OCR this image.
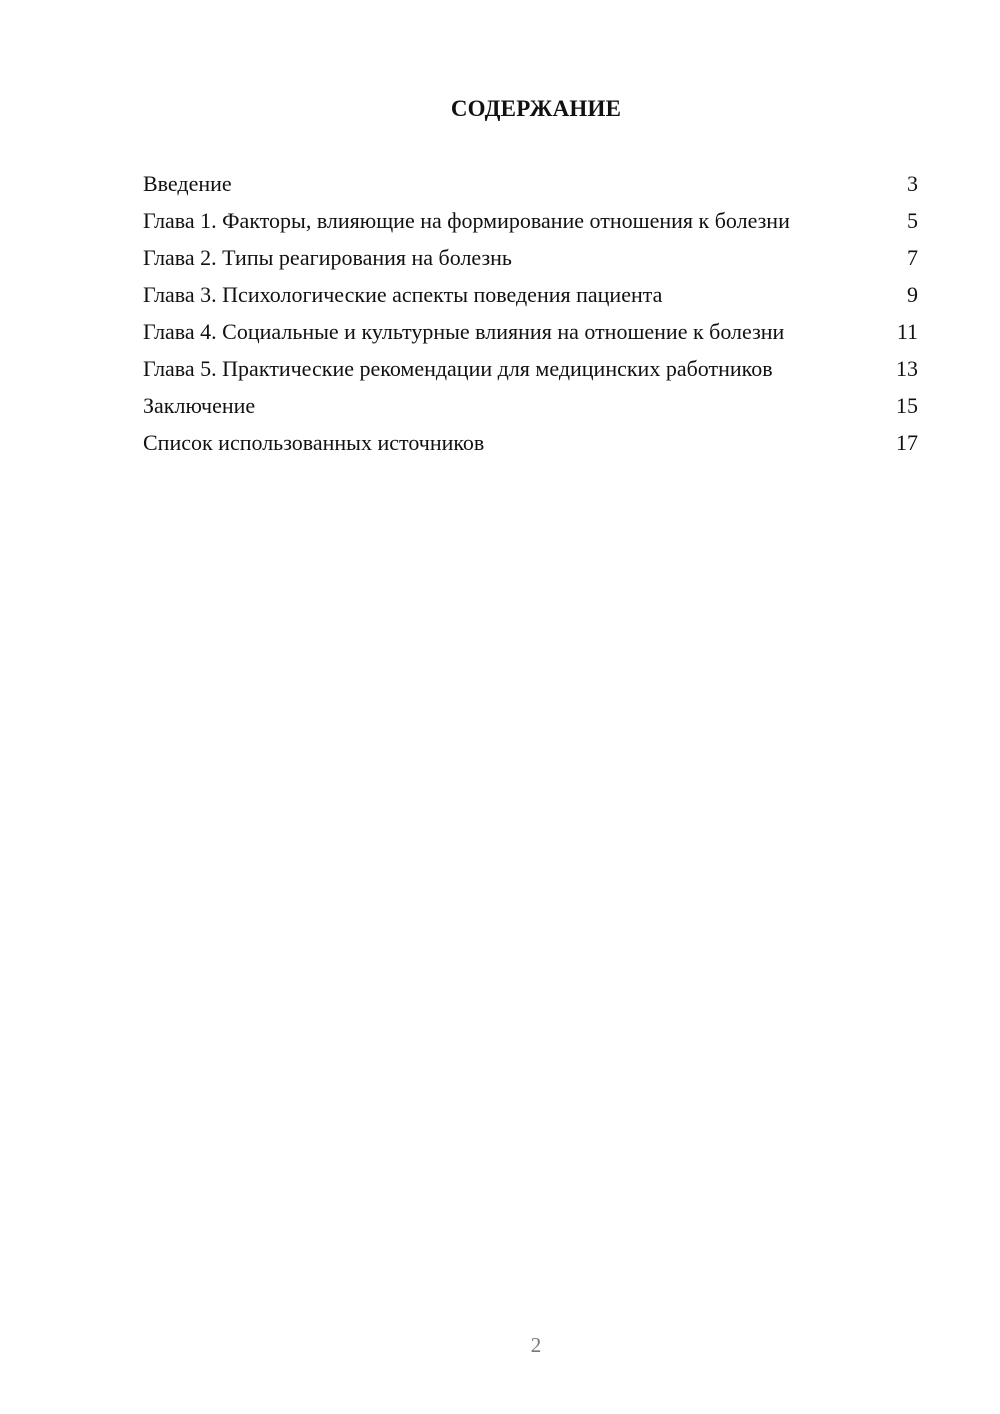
СОДЕРЖАНИЕ
Введение	3
Глава 1. Факторы, влияющие на формирование отношения к болезни	5
Глава 2. Типы реагирования на болезнь	7
Глава 3. Психологические аспекты поведения пациента	9
Глава 4. Социальные и культурные влияния на отношение к болезни	11
Глава 5. Практические рекомендации для медицинских работников	13
Заключение	15
Список использованных источников	17
2
